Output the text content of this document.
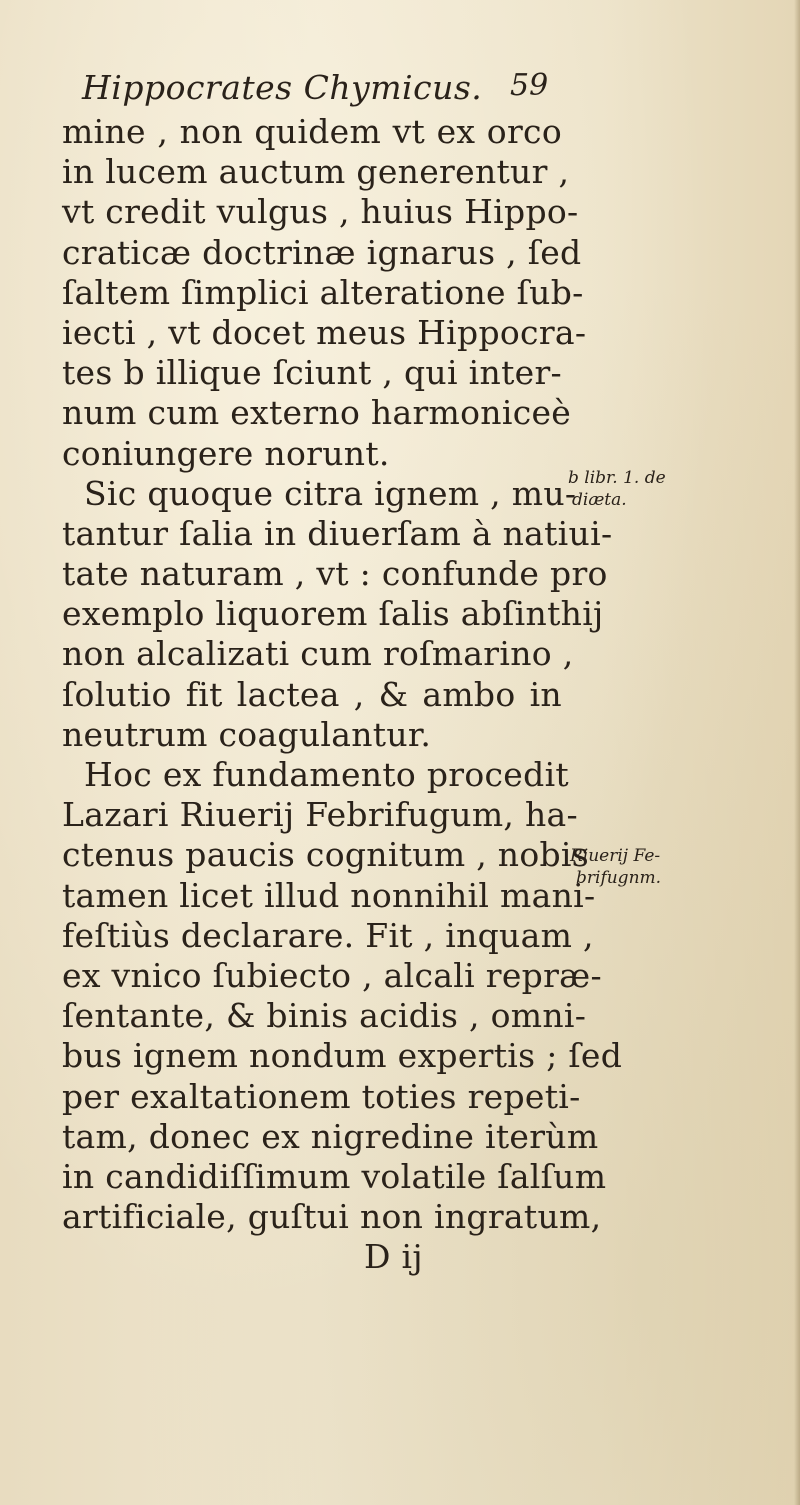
Hippocrates Chymicus. 59
mine , non quidem vt ex orco
in lucem auctum generentur ,
vt credit vulgus , huius Hippo-
craticæ doctrinæ ignarus , ſed
ſaltem ſimplici alteratione ſub-
iecti , vt docet meus Hippocra-
tes b illique ſciunt , qui inter-
num cum externo harmoniceè
coniungere norunt.
Sic quoque citra ignem , mu-
tantur ſalia in diuerſam à natiui-
tate naturam , vt : confunde pro
exemplo liquorem ſalis abſinthij
non alcalizati cum roſmarino ,
ſolutio fit lactea , & ambo in
neutrum coagulantur.
Hoc ex fundamento procedit
Lazari Riuerij Febrifugum, ha-
ctenus paucis cognitum , nobis
tamen licet illud nonnihil mani-
feſtiùs declarare. Fit , inquam ,
ex vnico ſubiecto , alcali repræ-
ſentante, & binis acidis , omni-
bus ignem nondum expertis ; ſed
per exaltationem toties repeti-
tam, donec ex nigredine iterùm
in candidiſſimum volatile ſalſum
artificiale, guſtui non ingratum,
D ij
b libr. 1. de
diæta.
Riuerij Fe-
brifugnm.
